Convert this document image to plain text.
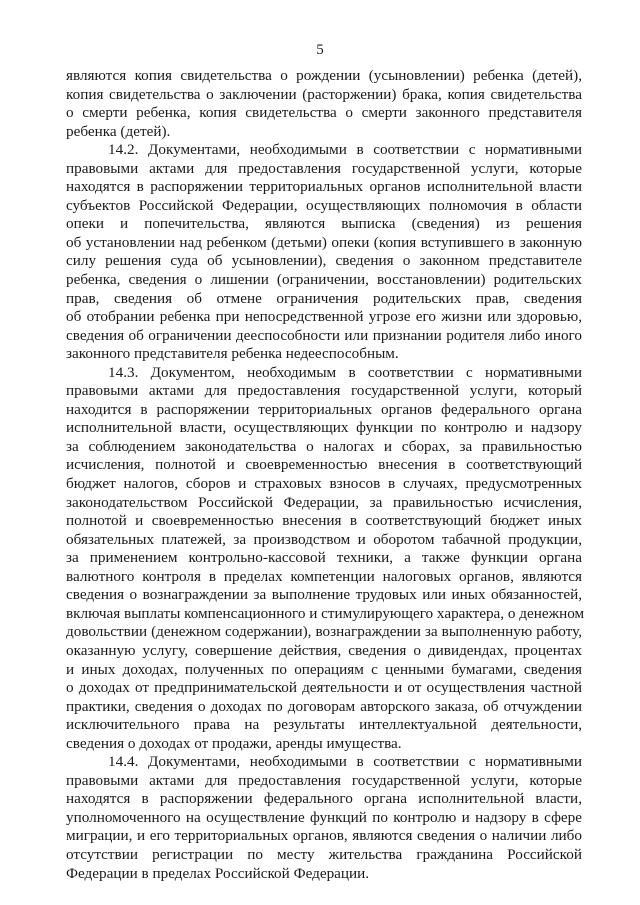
5
являются копия свидетельства о рождении (усыновлении) ребенка (детей),
копия свидетельства о заключении (расторжении) брака, копия свидетельства
о смерти ребенка, копия свидетельства о смерти законного представителя
ребенка (детей).
14.2. Документами, необходимыми в соответствии с нормативными
правовыми актами для предоставления государственной услуги, которые
находятся в распоряжении территориальных органов исполнительной власти
субъектов Российской Федерации, осуществляющих полномочия в области
опеки и попечительства, являются выписка (сведения) из решения
об установлении над ребенком (детьми) опеки (копия вступившего в законную
силу решения суда об усыновлении), сведения о законном представителе
ребенка, сведения о лишении (ограничении, восстановлении) родительских
прав, сведения об отмене ограничения родительских прав, сведения
об отобрании ребенка при непосредственной угрозе его жизни или здоровью,
сведения об ограничении дееспособности или признании родителя либо иного
законного представителя ребенка недееспособным.
14.3. Документом, необходимым в соответствии с нормативными
правовыми актами для предоставления государственной услуги, который
находится в распоряжении территориальных органов федерального органа
исполнительной власти, осуществляющих функции по контролю и надзору
за соблюдением законодательства о налогах и сборах, за правильностью
исчисления, полнотой и своевременностью внесения в соответствующий
бюджет налогов, сборов и страховых взносов в случаях, предусмотренных
законодательством Российской Федерации, за правильностью исчисления,
полнотой и своевременностью внесения в соответствующий бюджет иных
обязательных платежей, за производством и оборотом табачной продукции,
за применением контрольно-кассовой техники, а также функции органа
валютного контроля в пределах компетенции налоговых органов, являются
сведения о вознаграждении за выполнение трудовых или иных обязанностей,
включая выплаты компенсационного и стимулирующего характера, о денежном
довольствии (денежном содержании), вознаграждении за выполненную работу,
оказанную услугу, совершение действия, сведения о дивидендах, процентах
и иных доходах, полученных по операциям с ценными бумагами, сведения
о доходах от предпринимательской деятельности и от осуществления частной
практики, сведения о доходах по договорам авторского заказа, об отчуждении
исключительного права на результаты интеллектуальной деятельности,
сведения о доходах от продажи, аренды имущества.
14.4. Документами, необходимыми в соответствии с нормативными
правовыми актами для предоставления государственной услуги, которые
находятся в распоряжении федерального органа исполнительной власти,
уполномоченного на осуществление функций по контролю и надзору в сфере
миграции, и его территориальных органов, являются сведения о наличии либо
отсутствии регистрации по месту жительства гражданина Российской
Федерации в пределах Российской Федерации.
